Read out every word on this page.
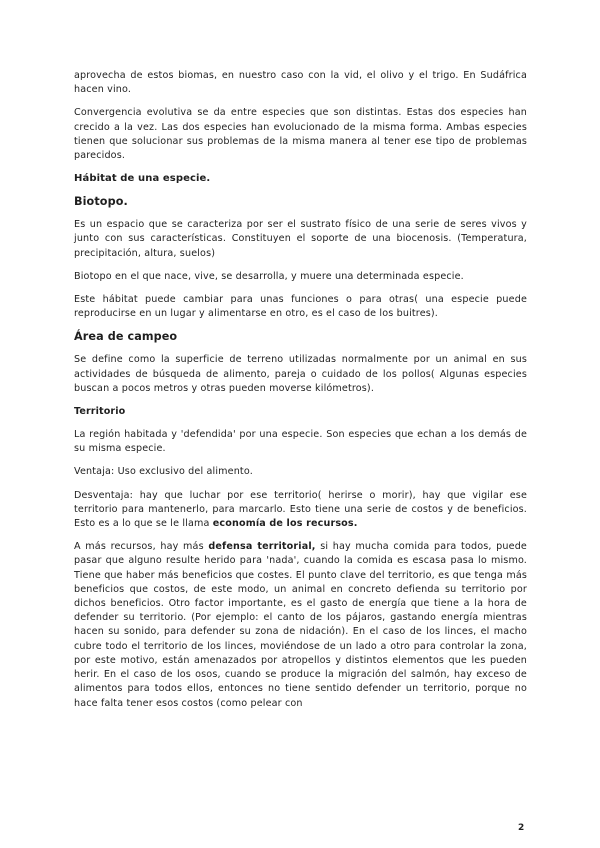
aprovecha de estos biomas, en nuestro caso con la vid, el olivo y el trigo. En Sudáfrica hacen vino.

Convergencia evolutiva se da entre especies que son distintas. Estas dos especies han crecido a la vez. Las dos especies han evolucionado de la misma forma. Ambas especies tienen que solucionar sus problemas de la misma manera al tener ese tipo de problemas parecidos.

Hábitat de una especie.
Biotopo.

Es un espacio que se caracteriza por ser el sustrato físico de una serie de seres vivos y junto con sus características. Constituyen el soporte de una biocenosis. (Temperatura, precipitación, altura, suelos)

Biotopo en el que nace, vive, se desarrolla, y muere una determinada especie.

Este hábitat puede cambiar para unas funciones o para otras( una especie puede reproducirse en un lugar y alimentarse en otro, es el caso de los buitres).

Área de campeo

Se define como la superficie de terreno utilizadas normalmente por un animal en sus actividades de búsqueda de alimento, pareja o cuidado de los pollos( Algunas especies buscan a pocos metros y otras pueden moverse kilómetros).

Territorio

La región habitada y 'defendida' por una especie. Son especies que echan a los demás de su misma especie.

Ventaja: Uso exclusivo del alimento.

Desventaja: hay que luchar por ese territorio( herirse o morir), hay que vigilar ese territorio para mantenerlo, para marcarlo. Esto tiene una serie de costos y de beneficios. Esto es a lo que se le llama economía de los recursos.

A más recursos, hay más defensa territorial, si hay mucha comida para todos, puede pasar que alguno resulte herido para 'nada', cuando la comida es escasa pasa lo mismo. Tiene que haber más beneficios que costes. El punto clave del territorio, es que tenga más beneficios que costos, de este modo, un animal en concreto defienda su territorio por dichos beneficios. Otro factor importante, es el gasto de energía que tiene a la hora de defender su territorio. (Por ejemplo: el canto de los pájaros, gastando energía mientras hacen su sonido, para defender su zona de nidación). En el caso de los linces, el macho cubre todo el territorio de los linces, moviéndose de un lado a otro para controlar la zona, por este motivo, están amenazados por atropellos y distintos elementos que les pueden herir. En el caso de los osos, cuando se produce la migración del salmón, hay exceso de alimentos para todos ellos, entonces no tiene sentido defender un territorio, porque no hace falta tener esos costos (como pelear con

2
